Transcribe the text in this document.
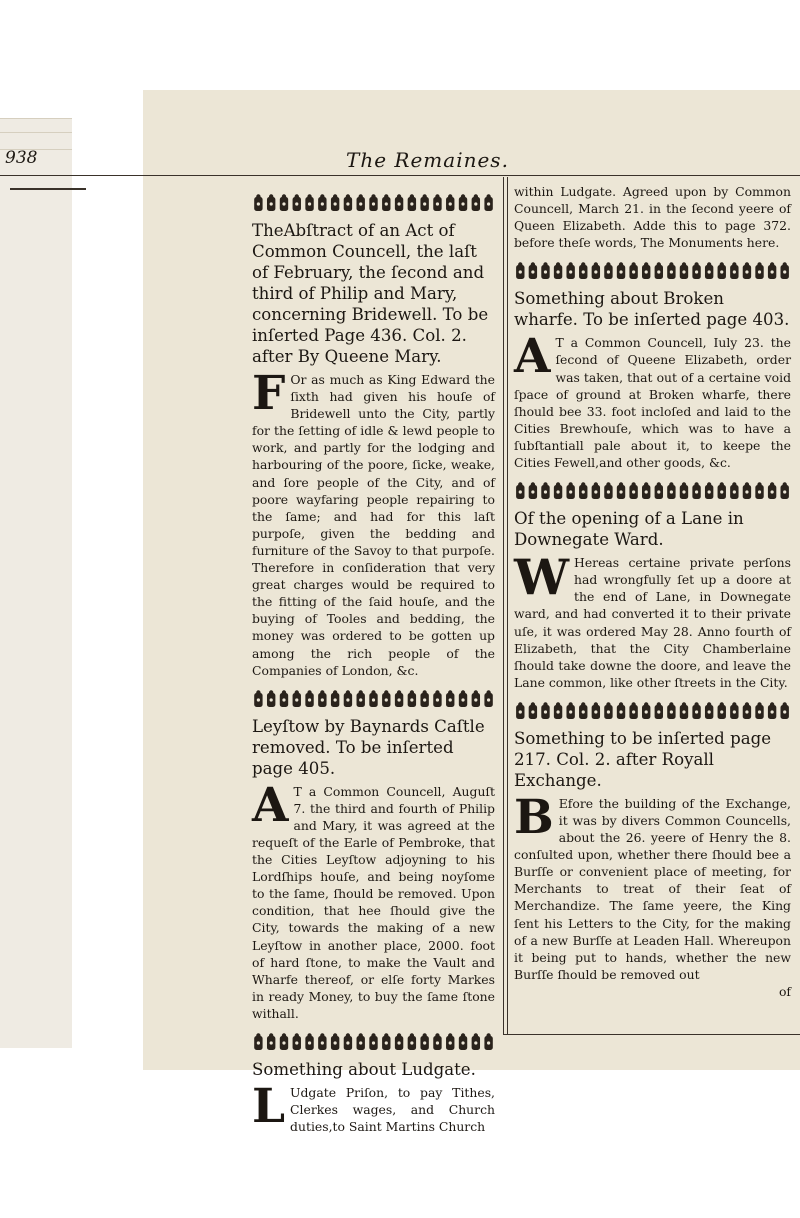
938	The Remaines.
TheAbſtract of an Act of Common Councell, the laſt of February, the ſecond and third of Philip and Mary, concerning Bridewell. To be inſerted Page 436. Col. 2. after By Queene Mary.
F Or as much as King Edward the ſixth had given his houſe of Bridewell unto the City, partly for the ſetting of idle & lewd people to work, and partly for the lodging and harbouring of the poore, ſicke, weake, and ſore people of the City, and of poore wayfaring people repairing to the ſame; and had for this laſt purpoſe, given the bedding and furniture of the Savoy to that purpoſe. Therefore in conſideration that very great charges would be required to the fitting of the ſaid houſe, and the buying of Tooles and bedding, the money was ordered to be gotten up among the rich people of the Companies of London, &c.

Leyſtow by Baynards Caſtle removed. To be inſerted page 405.
A T a Common Councell, Auguſt 7. the third and fourth of Philip and Mary, it was agreed at the requeſt of the Earle of Pembroke, that the Cities Leyſtow adjoyning to his Lordſhips houſe, and being noyſome to the ſame, ſhould be removed. Upon condition, that hee ſhould give the City, towards the making of a new Leyſtow in another place, 2000. foot of hard ſtone, to make the Vault and Wharfe thereof, or elſe forty Markes in ready Money, to buy the ſame ſtone withall.

Something about Ludgate.
L Udgate Priſon, to pay Tithes, Clerkes wages, and Church duties,to Saint Martins Church

within Ludgate. Agreed upon by Common Councell, March 21. in the ſecond yeere of Queen Elizabeth. Adde this to page 372. before theſe words, The Monuments here.

Something about Broken wharfe. To be inſerted page 403.
A T a Common Councell, Iuly 23. the ſecond of Queene Elizabeth, order was taken, that out of a certaine void ſpace of ground at Broken wharfe, there ſhould bee 33. foot incloſed and laid to the Cities Brewhouſe, which was to have a ſubſtantiall pale about it, to keepe the Cities Fewell,and other goods, &c.

Of the opening of a Lane in Downegate Ward.
W Hereas certaine private perſons had wrongfully ſet up a doore at the end of Lane, in Downegate ward, and had converted it to their private uſe, it was ordered May 28. Anno fourth of Elizabeth, that the City Chamberlaine ſhould take downe the doore, and leave the Lane common, like other ſtreets in the City.

Something to be inſerted page 217. Col. 2. after Royall Exchange.
B Efore the building of the Exchange, it was by divers Common Councells, about the 26. yeere of Henry the 8. conſulted upon, whether there ſhould bee a Burſſe or convenient place of meeting, for Merchants to treat of their ſeat of Merchandize. The ſame yeere, the King ſent his Letters to the City, for the making of a new Burſſe at Leaden Hall. Whereupon it being put to hands, whether the new Burſſe ſhould be removed out

of
